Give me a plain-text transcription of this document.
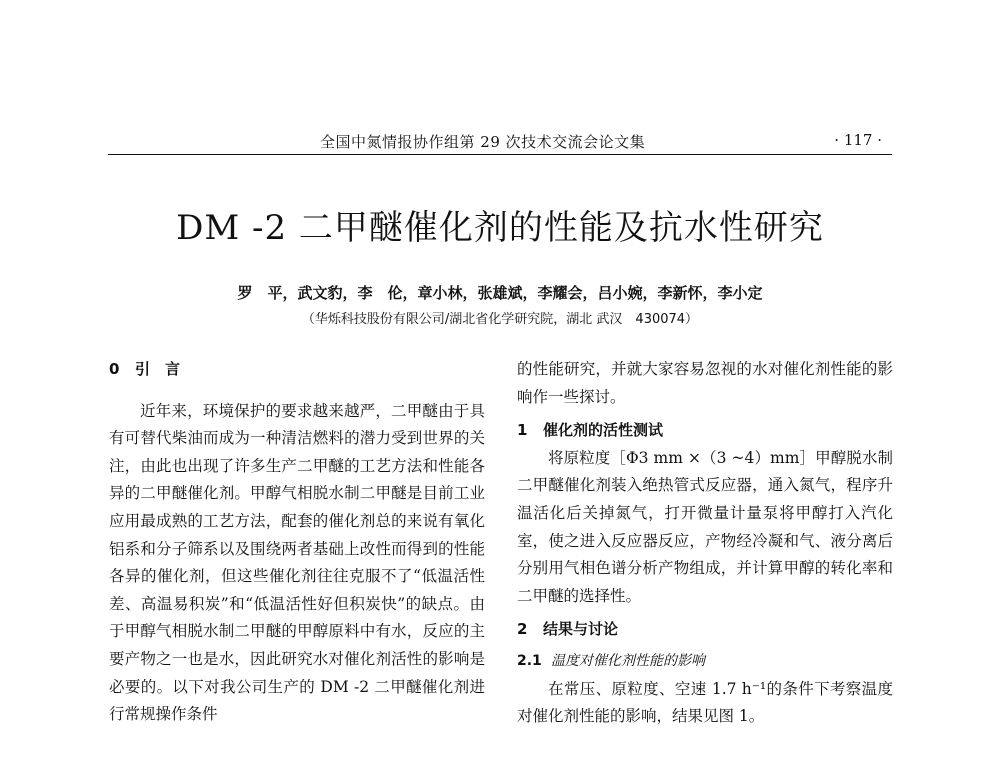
全国中氮情报协作组第 29 次技术交流会论文集	· 117 ·
DM -2 二甲醚催化剂的性能及抗水性研究
罗　平，武文豹，李　伦，章小林，张雄斌，李耀会，吕小婉，李新怀，李小定
（华烁科技股份有限公司/湖北省化学研究院，湖北 武汉　430074）
0 引　言

近年来，环境保护的要求越来越严，二甲醚由于具有可替代柴油而成为一种清洁燃料的潜力受到世界的关注，由此也出现了许多生产二甲醚的工艺方法和性能各异的二甲醚催化剂。甲醇气相脱水制二甲醚是目前工业应用最成熟的工艺方法，配套的催化剂总的来说有氧化铝系和分子筛系以及围绕两者基础上改性而得到的性能各异的催化剂，但这些催化剂往往克服不了“低温活性差、高温易积炭”和“低温活性好但积炭快”的缺点。由于甲醇气相脱水制二甲醚的甲醇原料中有水，反应的主要产物之一也是水，因此研究水对催化剂活性的影响是必要的。以下对我公司生产的 DM -2 二甲醚催化剂进行常规操作条件

的性能研究，并就大家容易忽视的水对催化剂性能的影响作一些探讨。

1 催化剂的活性测试

将原粒度［Φ3 mm ×（3 ~4）mm］甲醇脱水制二甲醚催化剂装入绝热管式反应器，通入氮气，程序升温活化后关掉氮气，打开微量计量泵将甲醇打入汽化室，使之进入反应器反应，产物经冷凝和气、液分离后分别用气相色谱分析产物组成，并计算甲醇的转化率和二甲醚的选择性。

2 结果与讨论
2.1 温度对催化剂性能的影响

在常压、原粒度、空速 1.7 h⁻¹的条件下考察温度对催化剂性能的影响，结果见图 1。
